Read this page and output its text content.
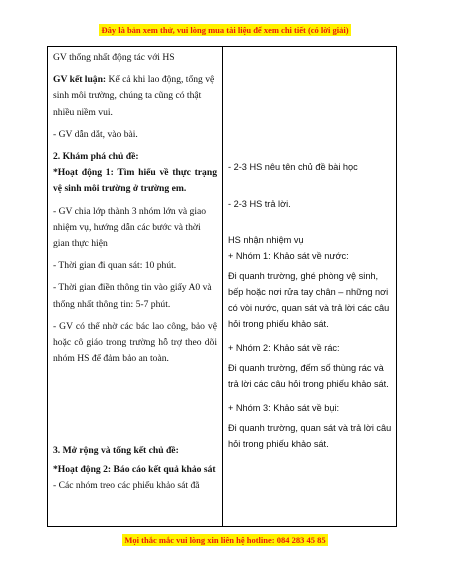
Đây là bản xem thử, vui lòng mua tài liệu để xem chi tiết (có lời giải)
GV thống nhất động tác với HS
GV kết luận: Kể cả khi lao động, tổng vệ sinh môi trường, chúng ta cũng có thật nhiều niềm vui.
- GV dẫn dắt, vào bài.
2. Khám phá chủ đề:
*Hoạt động 1: Tìm hiểu về thực trạng vệ sinh môi trường ở trường em.
- GV chia lớp thành 3 nhóm lớn và giao nhiệm vụ, hướng dẫn các bước và thời gian thực hiện
- Thời gian đi quan sát: 10 phút.
- Thời gian điền thông tin vào giấy A0 và thống nhất thông tin: 5-7 phút.
- GV có thể nhờ các bác lao công, bảo vệ hoặc cô giáo trong trường hỗ trợ theo dõi nhóm HS để đảm bảo an toàn.
3. Mở rộng và tổng kết chủ đề:
*Hoạt động 2: Báo cáo kết quả khảo sát
- Các nhóm treo các phiếu khảo sát đã
- 2-3 HS nêu tên chủ đề bài học
- 2-3 HS trả lời.
HS nhận nhiệm vụ
+ Nhóm 1: Khảo sát về nước:
Đi quanh trường, ghé phòng vệ sinh, bếp hoặc nơi rửa tay chân – những nơi có vòi nước, quan sát và trả lời các câu hỏi trong phiếu khảo sát.
+ Nhóm 2: Khảo sát về rác:
Đi quanh trường, đếm số thùng rác và trả lời các câu hỏi trong phiếu khảo sát.
+ Nhóm 3: Khảo sát về bụi:
Đi quanh trường, quan sát và trả lời câu hỏi trong phiếu khảo sát.
Mọi thắc mắc vui lòng xin liên hệ hotline: 084 283 45 85
